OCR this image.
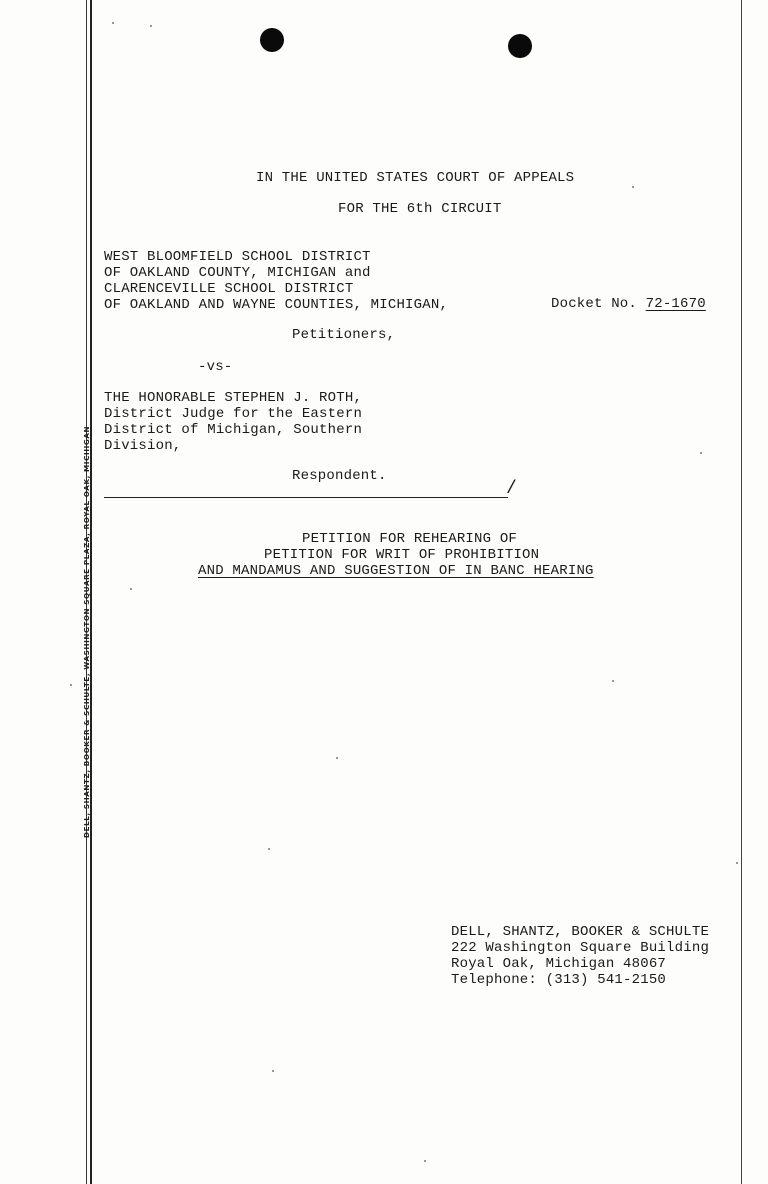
DELL, SHANTZ, BOOKER & SCHULTE, WASHINGTON SQUARE PLAZA, ROYAL OAK, MICHIGAN
IN THE UNITED STATES COURT OF APPEALS
FOR THE 6th CIRCUIT
WEST BLOOMFIELD SCHOOL DISTRICT
OF OAKLAND COUNTY, MICHIGAN and
CLARENCEVILLE SCHOOL DISTRICT
OF OAKLAND AND WAYNE COUNTIES, MICHIGAN,	Docket No. 72-1670
Petitioners,
-vs-
THE HONORABLE STEPHEN J. ROTH,
District Judge for the Eastern
District of Michigan, Southern
Division,
Respondent.
/
PETITION FOR REHEARING OF
PETITION FOR WRIT OF PROHIBITION
AND MANDAMUS AND SUGGESTION OF IN BANC HEARING
DELL, SHANTZ, BOOKER & SCHULTE
222 Washington Square Building
Royal Oak, Michigan 48067
Telephone: (313) 541-2150
